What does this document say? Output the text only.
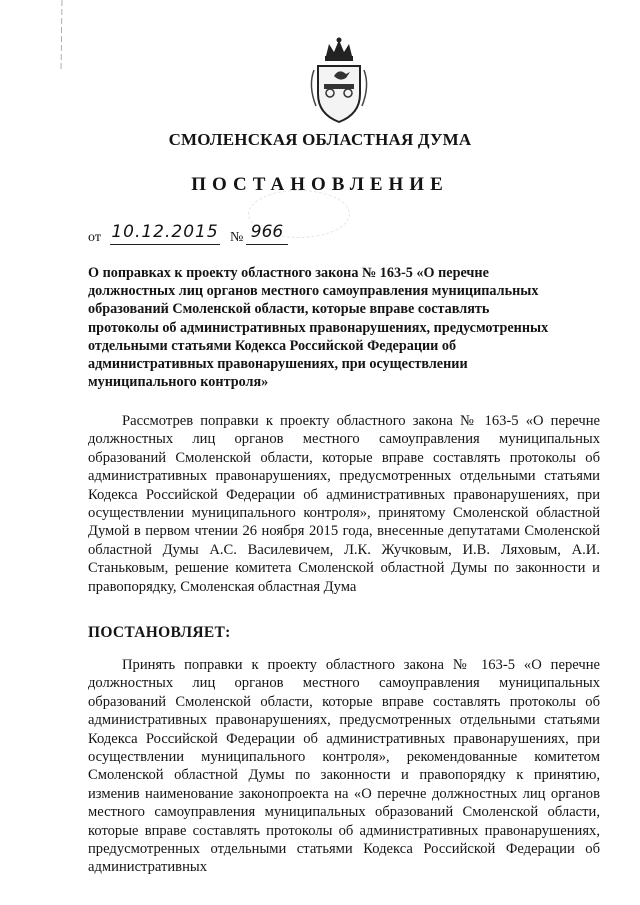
СМОЛЕНСКАЯ ОБЛАСТНАЯ ДУМА
ПОСТАНОВЛЕНИЕ
от 10.12.2015 № 966
О поправках к проекту областного закона № 163-5 «О перечне должностных лиц органов местного самоуправления муниципальных образований Смоленской области, которые вправе составлять протоколы об административных правонарушениях, предусмотренных отдельными статьями Кодекса Российской Федерации об административных правонарушениях, при осуществлении муниципального контроля»
Рассмотрев поправки к проекту областного закона № 163-5 «О перечне должностных лиц органов местного самоуправления муниципальных образований Смоленской области, которые вправе составлять протоколы об административных правонарушениях, предусмотренных отдельными статьями Кодекса Российской Федерации об административных правонарушениях, при осуществлении муниципального контроля», принятому Смоленской областной Думой в первом чтении 26 ноября 2015 года, внесенные депутатами Смоленской областной Думы А.С. Василевичем, Л.К. Жучковым, И.В. Ляховым, А.И. Станьковым, решение комитета Смоленской областной Думы по законности и правопорядку, Смоленская областная Дума
ПОСТАНОВЛЯЕТ:
Принять поправки к проекту областного закона № 163-5 «О перечне должностных лиц органов местного самоуправления муниципальных образований Смоленской области, которые вправе составлять протоколы об административных правонарушениях, предусмотренных отдельными статьями Кодекса Российской Федерации об административных правонарушениях, при осуществлении муниципального контроля», рекомендованные комитетом Смоленской областной Думы по законности и правопорядку к принятию, изменив наименование законопроекта на «О перечне должностных лиц органов местного самоуправления муниципальных образований Смоленской области, которые вправе составлять протоколы об административных правонарушениях, предусмотренных отдельными статьями Кодекса Российской Федерации об административных
